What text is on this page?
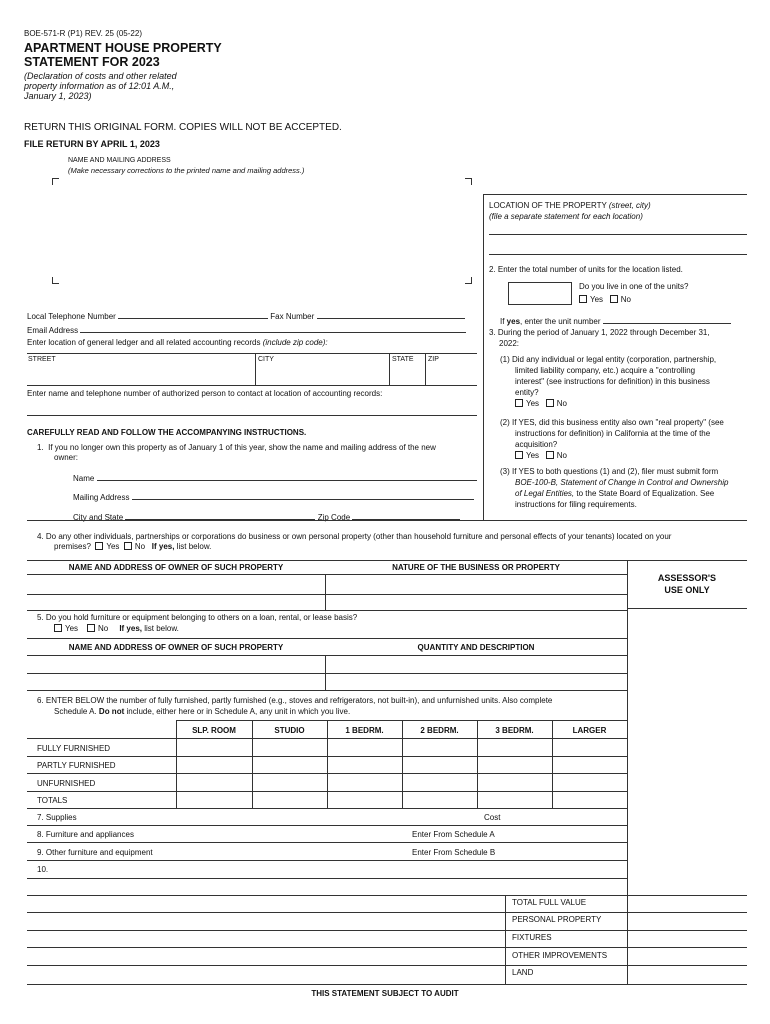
BOE-571-R (P1) REV. 25 (05-22)
APARTMENT HOUSE PROPERTY
STATEMENT FOR 2023
(Declaration of costs and other related
property information as of 12:01 A.M.,
January 1, 2023)
RETURN THIS ORIGINAL FORM. COPIES WILL NOT BE ACCEPTED.
FILE RETURN BY APRIL 1, 2023
NAME AND MAILING ADDRESS
(Make necessary corrections to the printed name and mailing address.)
LOCATION OF THE PROPERTY (street, city)
(file a separate statement for each location)
2. Enter the total number of units for the location listed.
Do you live in one of the units?
Yes No
If yes, enter the unit number
3. During the period of January 1, 2022 through December 31,
2022:
(1) Did any individual or legal entity (corporation, partnership,
limited liability company, etc.) acquire a "controlling
interest" (see instructions for definition) in this business
entity?
Yes No
(2) If YES, did this business entity also own "real property" (see
instructions for definition) in California at the time of the
acquisition?
Yes No
(3) If YES to both questions (1) and (2), filer must submit form
BOE-100-B, Statement of Change in Control and Ownership
of Legal Entities, to the State Board of Equalization. See
instructions for filing requirements.
Local Telephone Number	Fax Number
Email Address
Enter location of general ledger and all related accounting records (include zip code):
STREET	CITY	STATE ZIP
Enter name and telephone number of authorized person to contact at location of accounting records:
CAREFULLY READ AND FOLLOW THE ACCOMPANYING INSTRUCTIONS.
1. If you no longer own this property as of January 1 of this year, show the name and mailing address of the new
owner:
Name
Mailing Address
City and State	Zip Code
4. Do any other individuals, partnerships or corporations do business or own personal property (other than household furniture and personal effects of your tenants) located on your
premises? Yes No If yes, list below.
NAME AND ADDRESS OF OWNER OF SUCH PROPERTY	NATURE OF THE BUSINESS OR PROPERTY
ASSESSOR'S
USE ONLY
5. Do you hold furniture or equipment belonging to others on a loan, rental, or lease basis?
Yes No If yes, list below.
NAME AND ADDRESS OF OWNER OF SUCH PROPERTY	QUANTITY AND DESCRIPTION
6. ENTER BELOW the number of fully furnished, partly furnished (e.g., stoves and refrigerators, not built-in), and unfurnished units. Also complete
Schedule A. Do not include, either here or in Schedule A, any unit in which you live.
SLP. ROOM	STUDIO	1 BEDRM.	2 BEDRM.	3 BEDRM.	LARGER
FULLY FURNISHED
PARTLY FURNISHED
UNFURNISHED
TOTALS
7. Supplies	Cost
8. Furniture and appliances	Enter From Schedule A
9. Other furniture and equipment	Enter From Schedule B
10.
TOTAL FULL VALUE
PERSONAL PROPERTY
FIXTURES
OTHER IMPROVEMENTS
LAND
THIS STATEMENT SUBJECT TO AUDIT
